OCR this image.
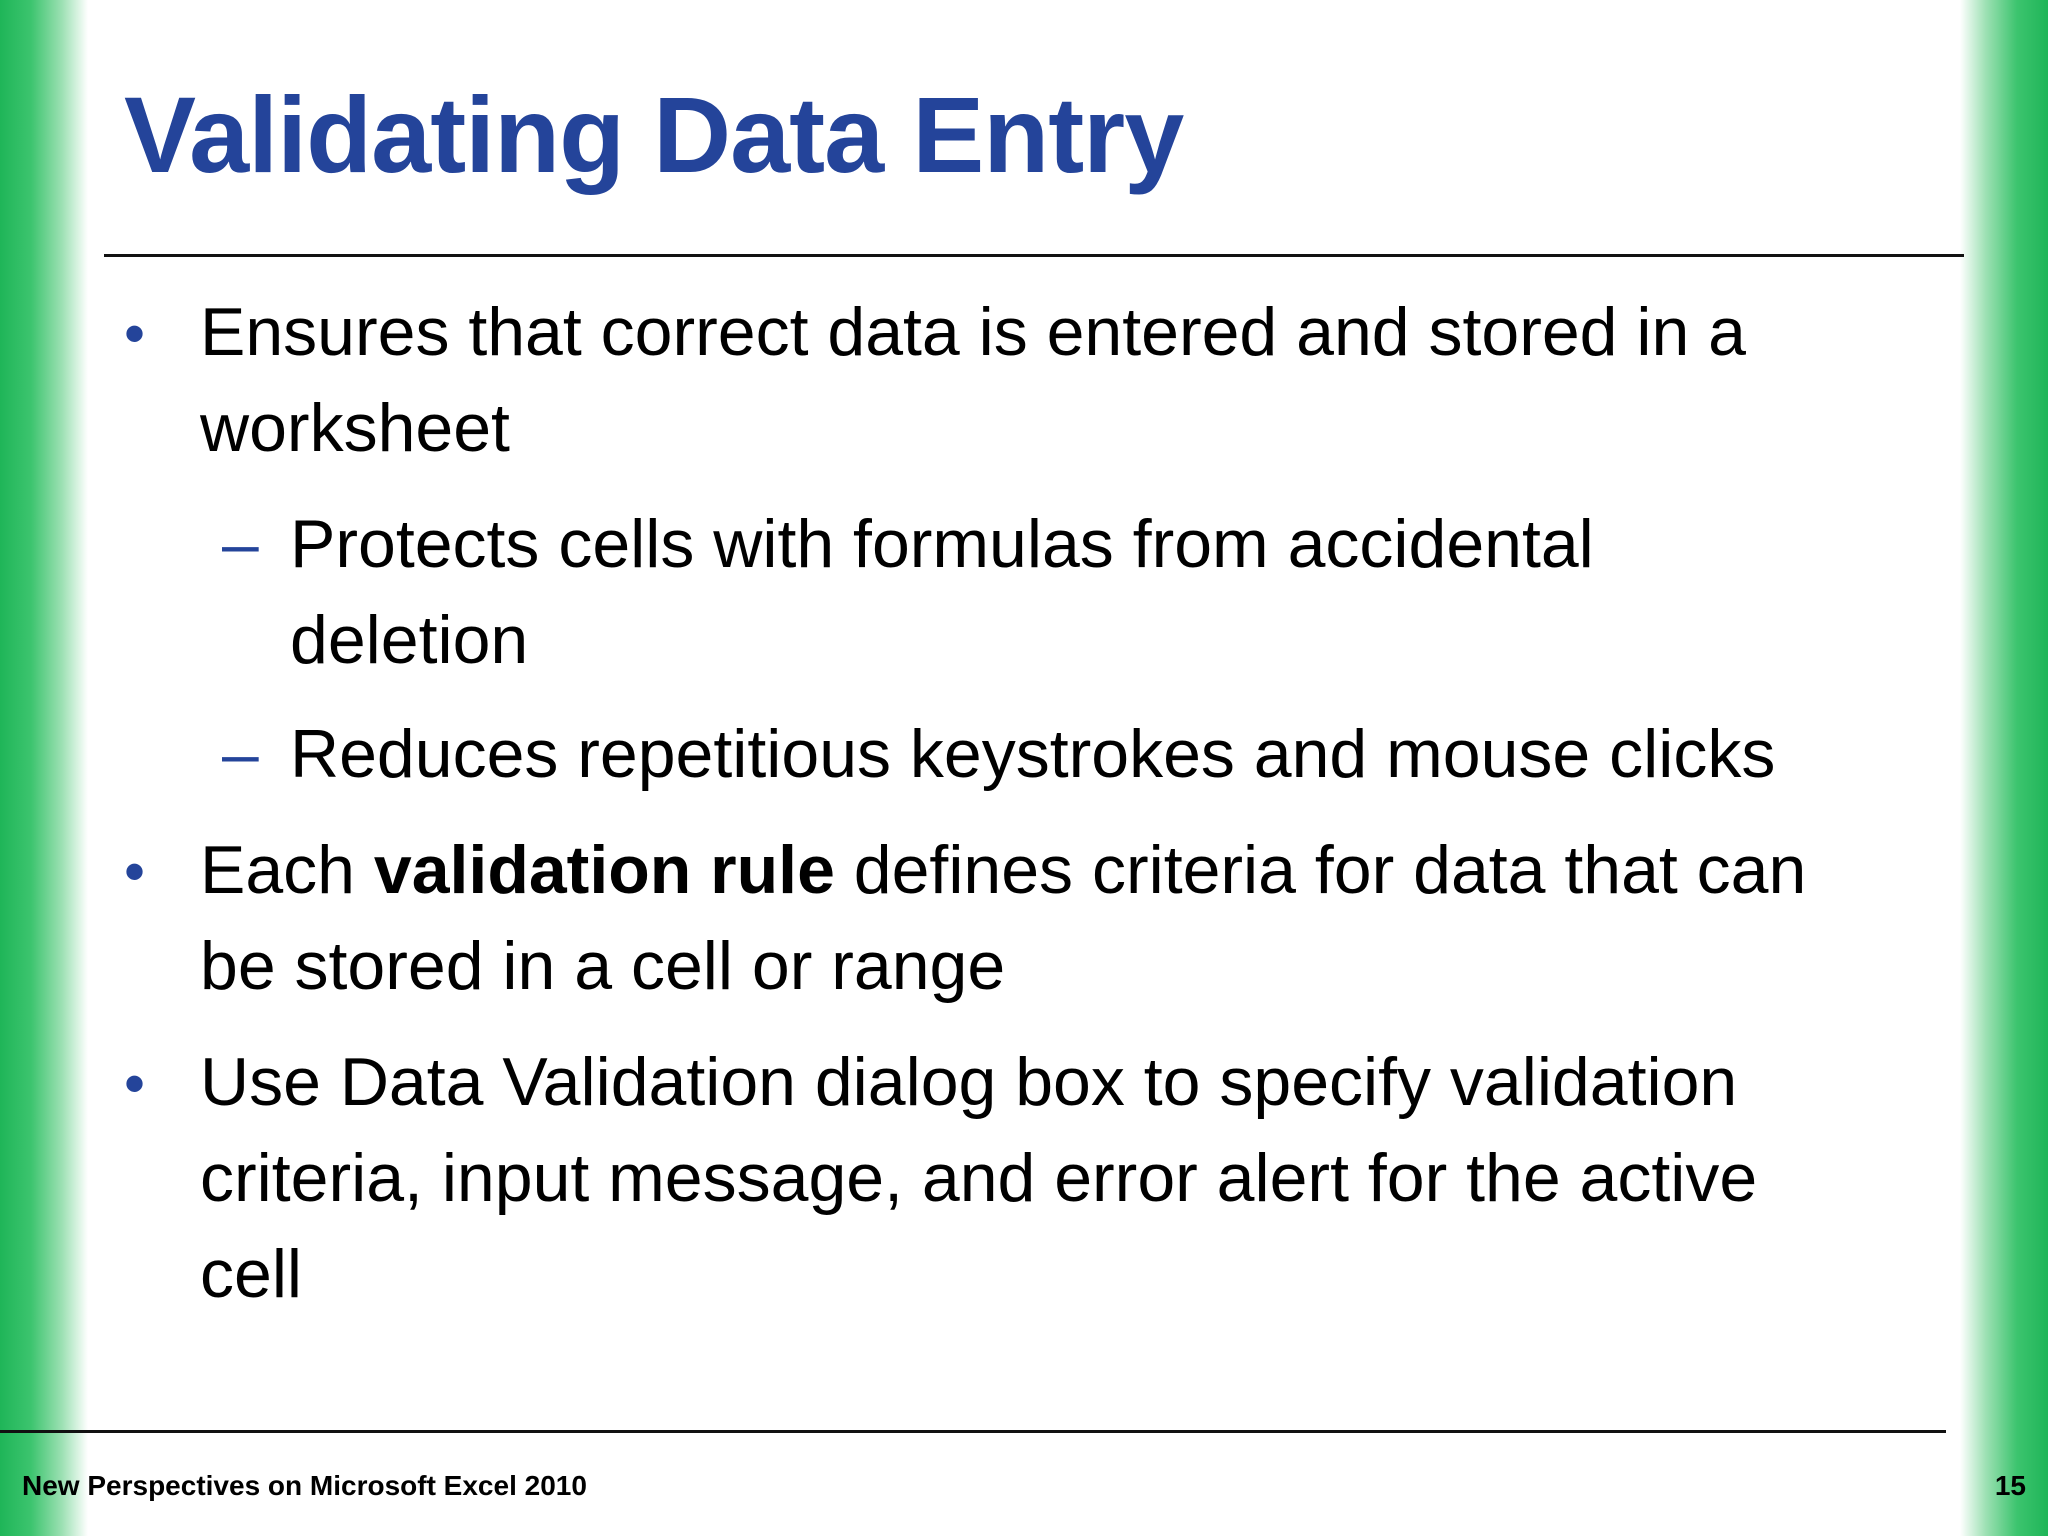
Validating Data Entry
• Ensures that correct data is entered and stored in a
worksheet
– Protects cells with formulas from accidental
deletion
– Reduces repetitious keystrokes and mouse clicks
• Each validation rule defines criteria for data that can
be stored in a cell or range
• Use Data Validation dialog box to specify validation
criteria, input message, and error alert for the active
cell
New Perspectives on Microsoft Excel 2010	15
